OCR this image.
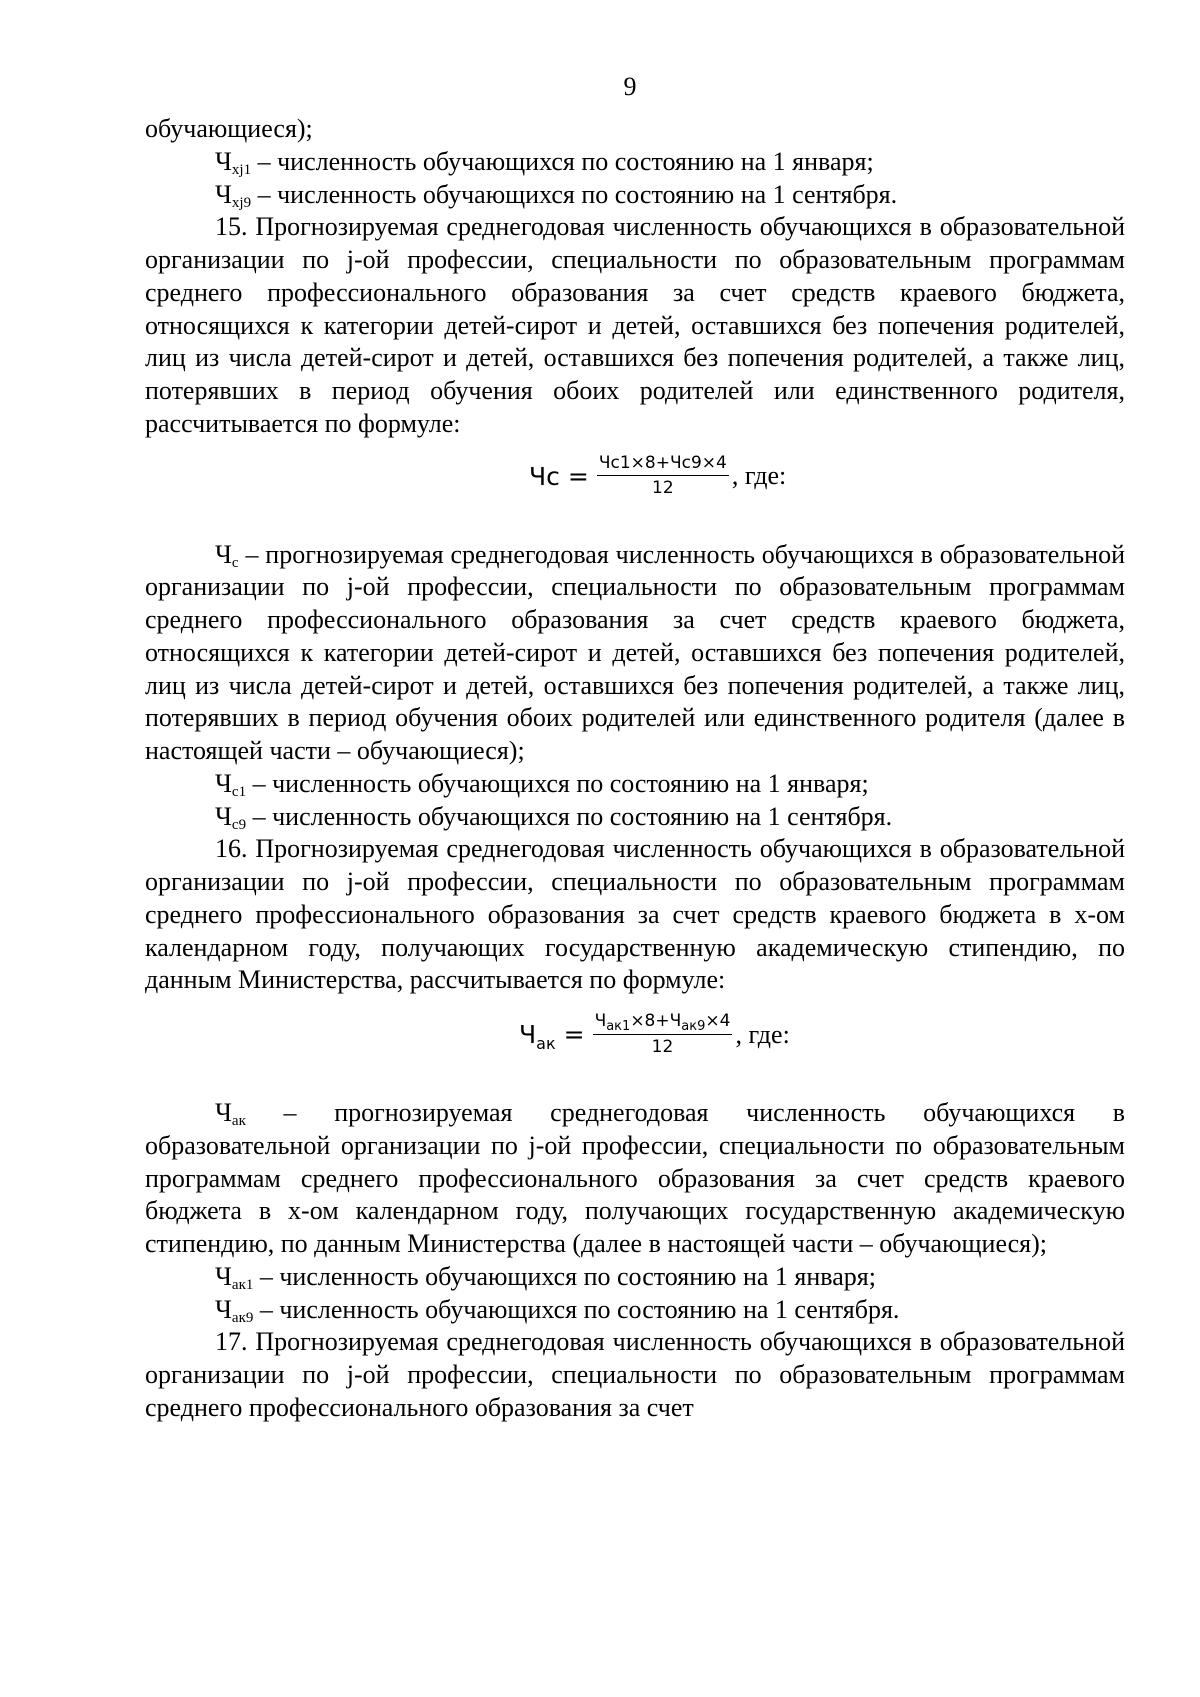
9

обучающиеся);

$Ч_{xj1}$ – численность обучающихся по состоянию на 1 января;

$Ч_{xj9}$ – численность обучающихся по состоянию на 1 сентября.

15. Прогнозируемая среднегодовая численность обучающихся в образовательной организации по j-ой профессии, специальности по образовательным программам среднего профессионального образования за счет средств краевого бюджета, относящихся к категории детей-сирот и детей, оставшихся без попечения родителей, лиц из числа детей-сирот и детей, оставшихся без попечения родителей, а также лиц, потерявших в период обучения обоих родителей или единственного родителя, рассчитывается по формуле:

Чс = $\frac{Чс1\times 8+Чс9\times 4}{12}$ , где:

$Ч_с$ – прогнозируемая среднегодовая численность обучающихся в образовательной организации по j-ой профессии, специальности по образовательным программам среднего профессионального образования за счет средств краевого бюджета, относящихся к категории детей-сирот и детей, оставшихся без попечения родителей, лиц из числа детей-сирот и детей, оставшихся без попечения родителей, а также лиц, потерявших в период обучения обоих родителей или единственного родителя (далее в настоящей части – обучающиеся);

$Ч_{с1}$ – численность обучающихся по состоянию на 1 января;

$Ч_{с9}$ – численность обучающихся по состоянию на 1 сентября.

16. Прогнозируемая среднегодовая численность обучающихся в образовательной организации по j-ой профессии, специальности по образовательным программам среднего профессионального образования за счет средств краевого бюджета в х-ом календарном году, получающих государственную академическую стипендию, по данным Министерства, рассчитывается по формуле:

$Ч_{ак} = \frac{Ч_{ак1}\times 8+Ч_{ак9}\times 4}{12}$ , где:

$Ч_{ак}$ – прогнозируемая среднегодовая численность обучающихся в образовательной организации по j-ой профессии, специальности по образовательным программам среднего профессионального образования за счет средств краевого бюджета в х-ом календарном году, получающих государственную академическую стипендию, по данным Министерства (далее в настоящей части – обучающиеся);

$Ч_{ак1}$ – численность обучающихся по состоянию на 1 января;

$Ч_{ак9}$ – численность обучающихся по состоянию на 1 сентября.

17. Прогнозируемая среднегодовая численность обучающихся в образовательной организации по j-ой профессии, специальности по образовательным программам среднего профессионального образования за счет
